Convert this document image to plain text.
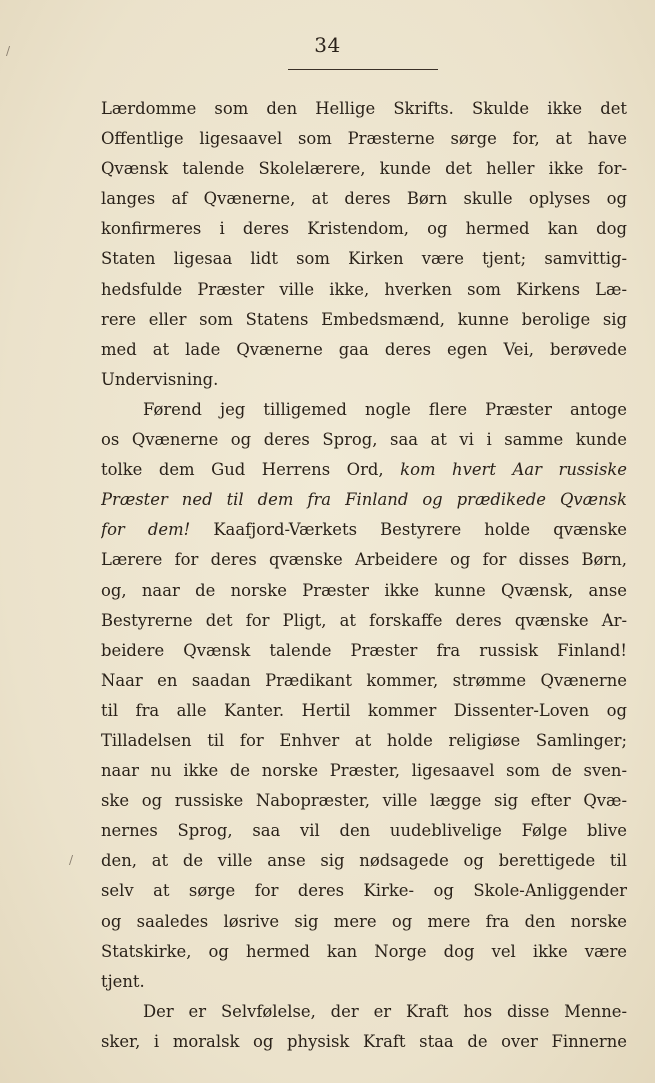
34
/
/
Lærdomme som den Hellige Skrifts. Skulde ikke det
Offentlige ligesaavel som Præsterne sørge for, at have
Qvænsk talende Skolelærere, kunde det heller ikke for-
langes af Qvænerne, at deres Børn skulle oplyses og
konfirmeres i deres Kristendom, og hermed kan dog
Staten ligesaa lidt som Kirken være tjent; samvittig-
hedsfulde Præster ville ikke, hverken som Kirkens Læ-
rere eller som Statens Embedsmænd, kunne berolige sig
med at lade Qvænerne gaa deres egen Vei, berøvede
Undervisning.
Førend jeg tilligemed nogle flere Præster antoge
os Qvænerne og deres Sprog, saa at vi i samme kunde
tolke dem Gud Herrens Ord, kom hvert Aar russiske
Præster ned til dem fra Finland og prædikede Qvænsk
for dem! Kaafjord-Værkets Bestyrere holde qvænske
Lærere for deres qvænske Arbeidere og for disses Børn,
og, naar de norske Præster ikke kunne Qvænsk, anse
Bestyrerne det for Pligt, at forskaffe deres qvænske Ar-
beidere Qvænsk talende Præster fra russisk Finland!
Naar en saadan Prædikant kommer, strømme Qvænerne
til fra alle Kanter. Hertil kommer Dissenter-Loven og
Tilladelsen til for Enhver at holde religiøse Samlinger;
naar nu ikke de norske Præster, ligesaavel som de sven-
ske og russiske Nabopræster, ville lægge sig efter Qvæ-
nernes Sprog, saa vil den uudeblivelige Følge blive
den, at de ville anse sig nødsagede og berettigede til
selv at sørge for deres Kirke- og Skole-Anliggender
og saaledes løsrive sig mere og mere fra den norske
Statskirke, og hermed kan Norge dog vel ikke være
tjent.
Der er Selvfølelse, der er Kraft hos disse Menne-
sker, i moralsk og physisk Kraft staa de over Finnerne
